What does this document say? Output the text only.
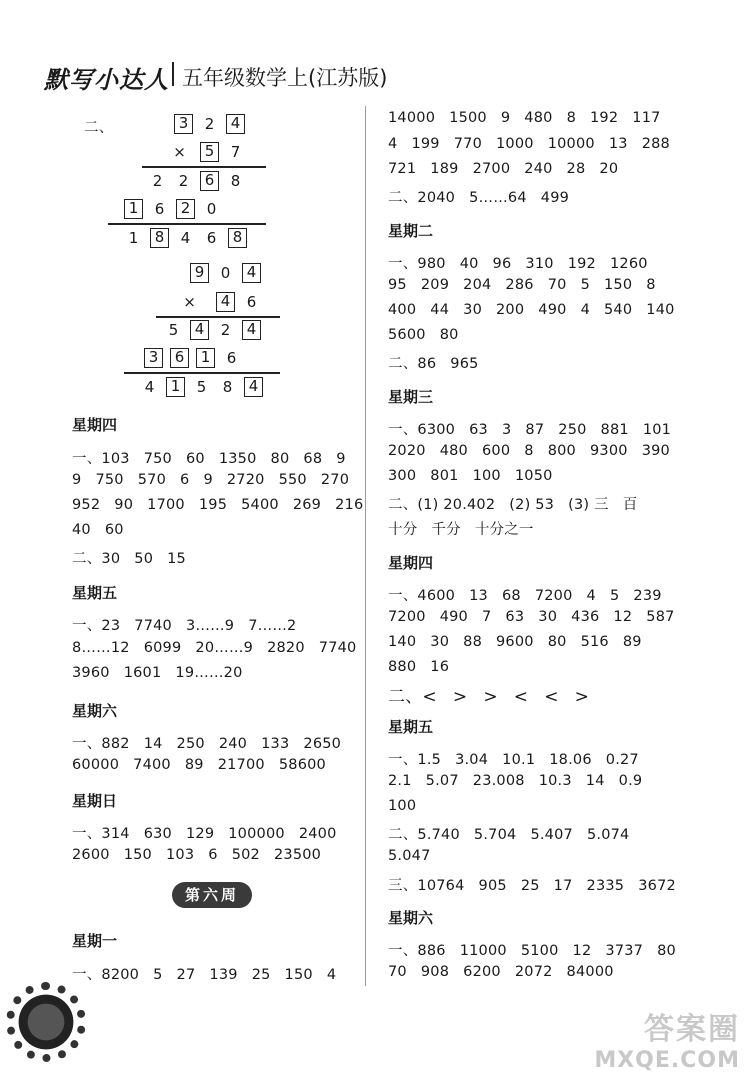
默写小达人 五年级数学上(江苏版)
二、	3	2	4
×	5	7
2	2	6	8
1	6	2	0
1	8	4	6	8
9	0	4
×	4	6
5	4	2	4
3	6	1	6
4	1	5	8	4
星期四
一、103 750 60 1350 80 68 9
9 750 570 6 9 2720 550 270
952 90 1700 195 5400 269 216
40 60
二、30 50 15
星期五
一、23 7740 3……9 7……2
8……12 6099 20……9 2820 7740
3960 1601 19……20
星期六
一、882 14 250 240 133 2650
60000 7400 89 21700 58600
星期日
一、314 630 129 100000 2400
2600 150 103 6 502 23500
第六周
星期一
一、8200 5 27 139 25 150 4
14000 1500 9 480 8 192 117
4 199 770 1000 10000 13 288
721 189 2700 240 28 20
二、2040 5……64 499
星期二
一、980 40 96 310 192 1260
95 209 204 286 70 5 150 8
400 44 30 200 490 4 540 140
5600 80
二、86 965
星期三
一、6300 63 3 87 250 881 101
2020 480 600 8 800 9300 390
300 801 100 1050
二、(1) 20.402 (2) 53 (3) 三 百
十分 千分 十分之一
星期四
一、4600 13 68 7200 4 5 239
7200 490 7 63 30 436 12 587
140 30 88 9600 80 516 89
880 16
二、< > > < < >
星期五
一、1.5 3.04 10.1 18.06 0.27
2.1 5.07 23.008 10.3 14 0.9
100
二、5.740 5.704 5.407 5.074
5.047
三、10764 905 25 17 2335 3672
星期六
一、886 11000 5100 12 3737 80
70 908 6200 2072 84000
答案圈
MXQE.COM
